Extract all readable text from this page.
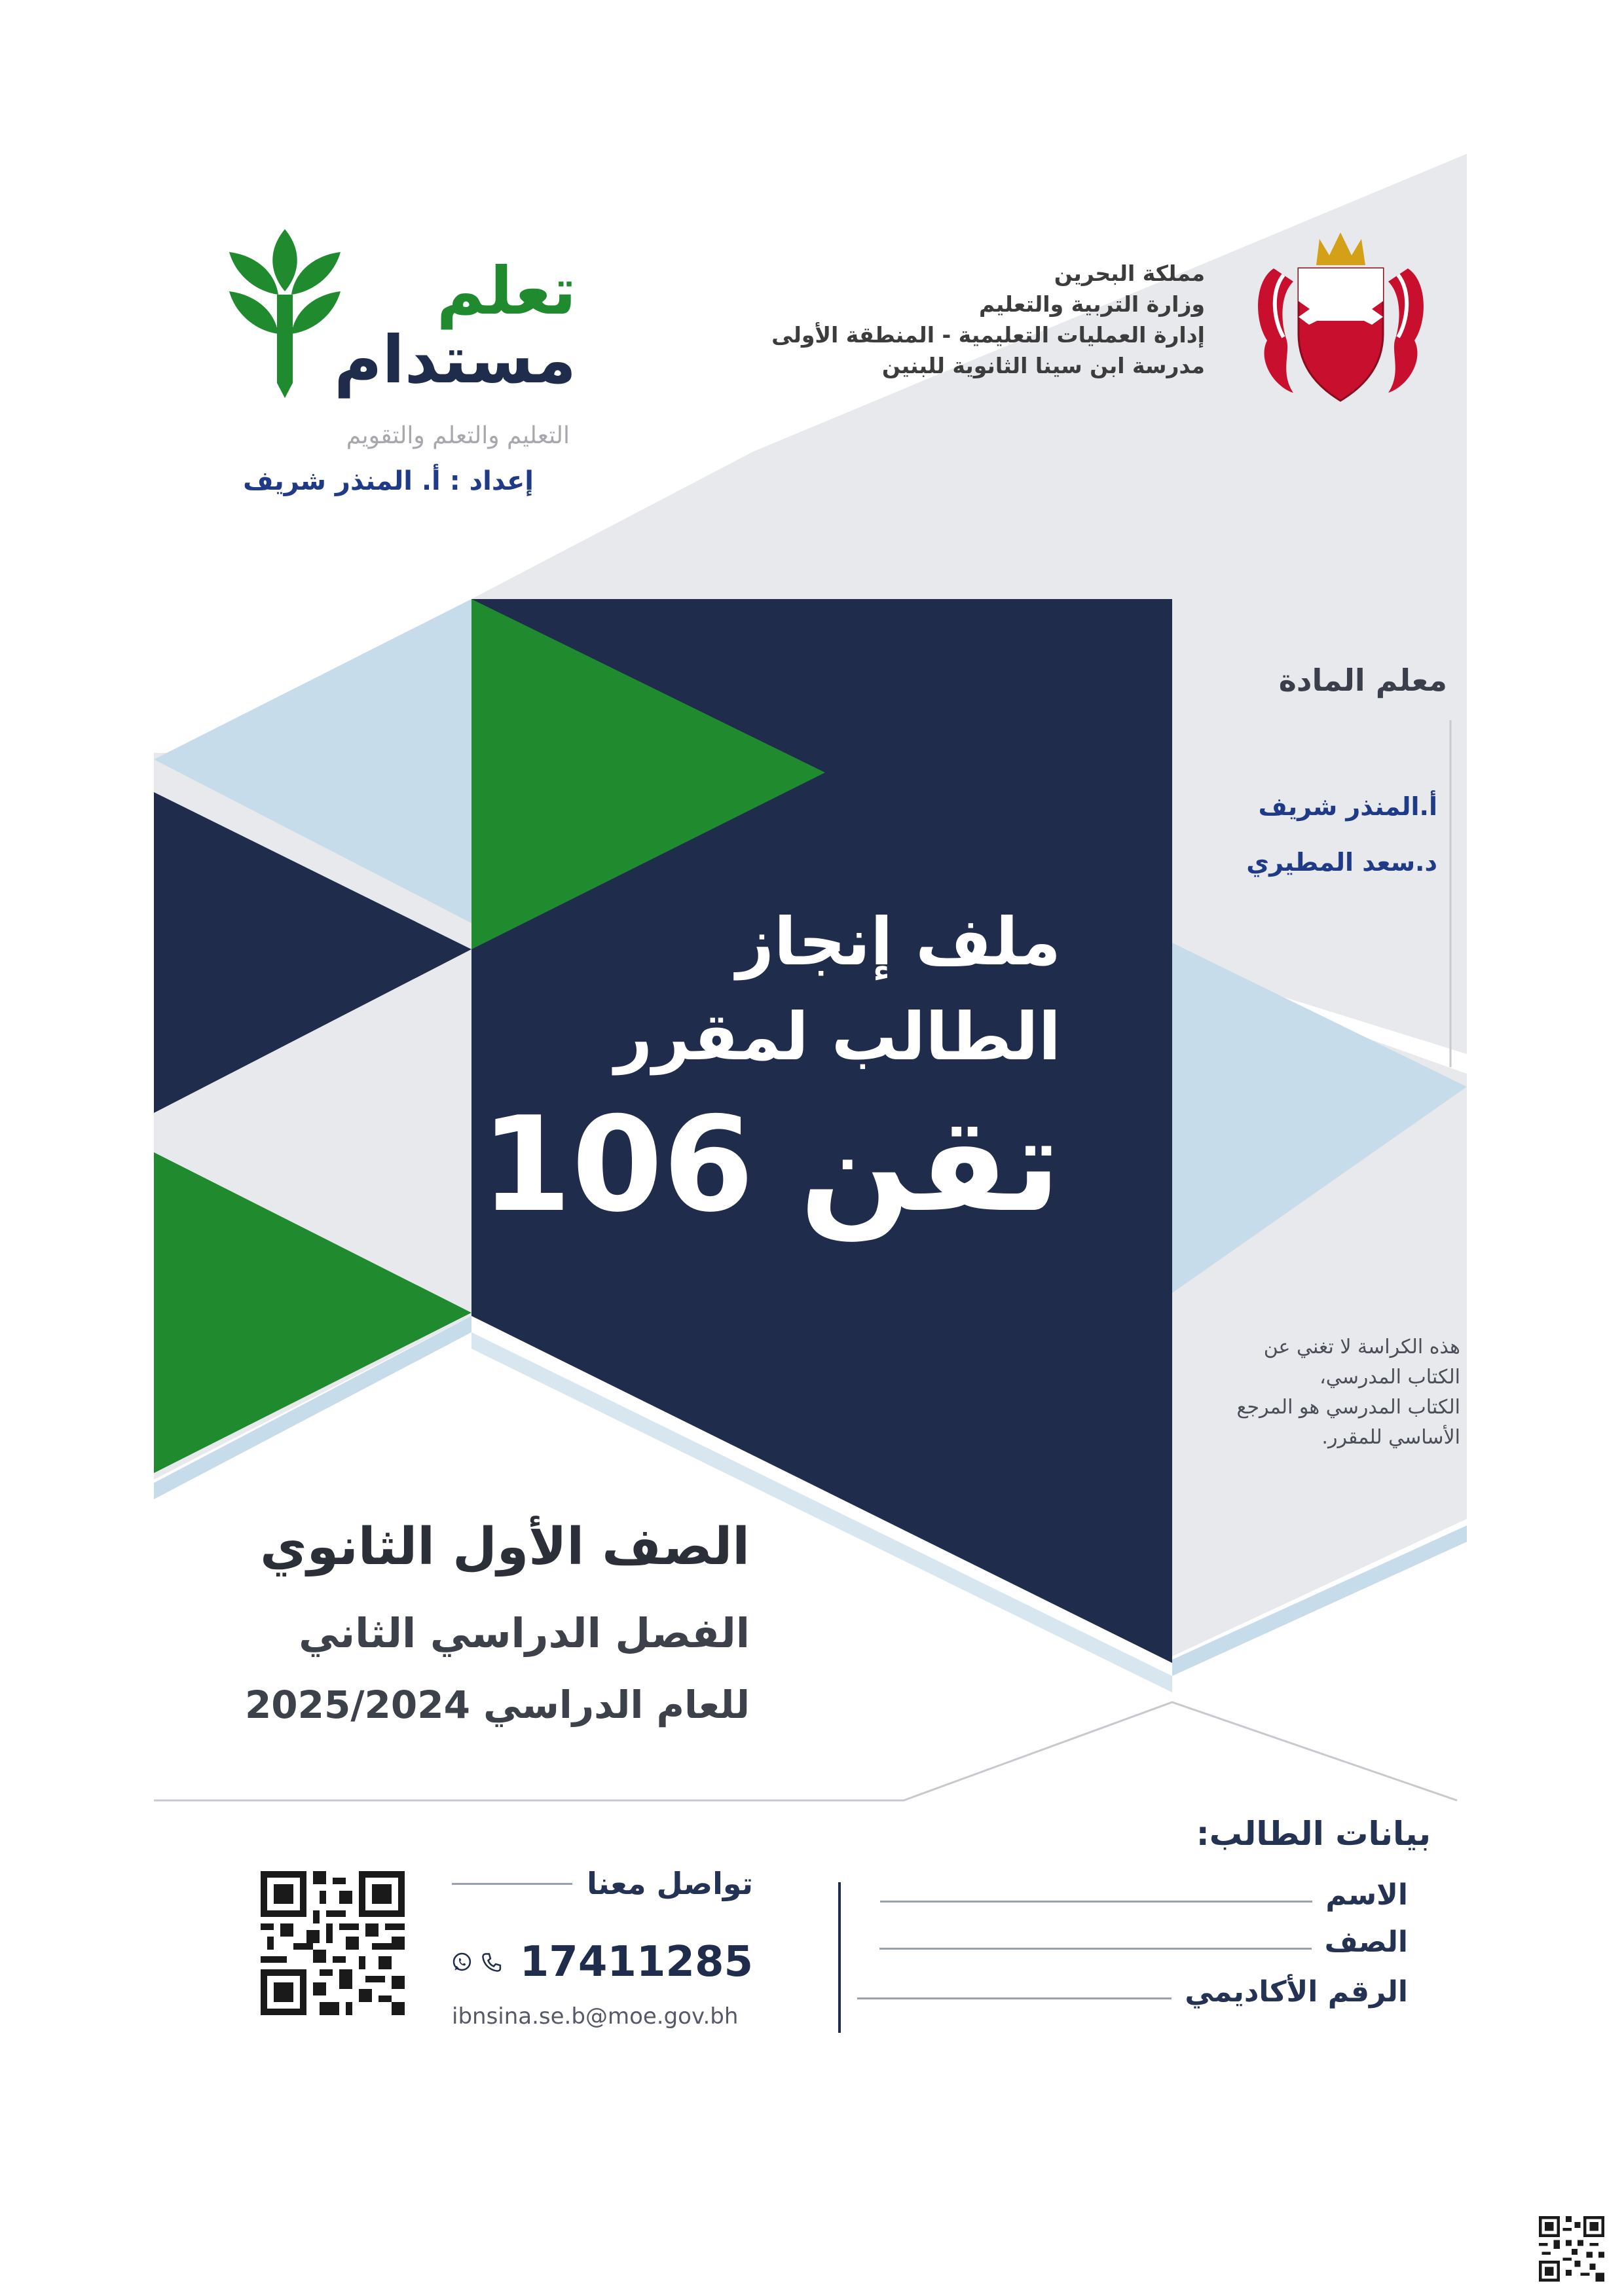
مملكة البحرين
وزارة التربية والتعليم
إدارة العمليات التعليمية - المنطقة الأولى
مدرسة ابن سينا الثانوية للبنين
تعلم
مستدام
التعليم والتعلم والتقويم
إعداد : أ. المنذر شريف
معلم المادة
أ.المنذر شريف
د.سعد المطيري
ملف إنجاز
الطالب لمقرر
تقن 106
هذه الكراسة لا تغني عن
الكتاب المدرسي،
الكتاب المدرسي هو المرجع
الأساسي للمقرر.
الصف الأول الثانوي
الفصل الدراسي الثاني
للعام الدراسي 2025/2024
بيانات الطالب:
الاسم
الصف
الرقم الأكاديمي
تواصل معنا
17411285
ibnsina.se.b@moe.gov.bh
